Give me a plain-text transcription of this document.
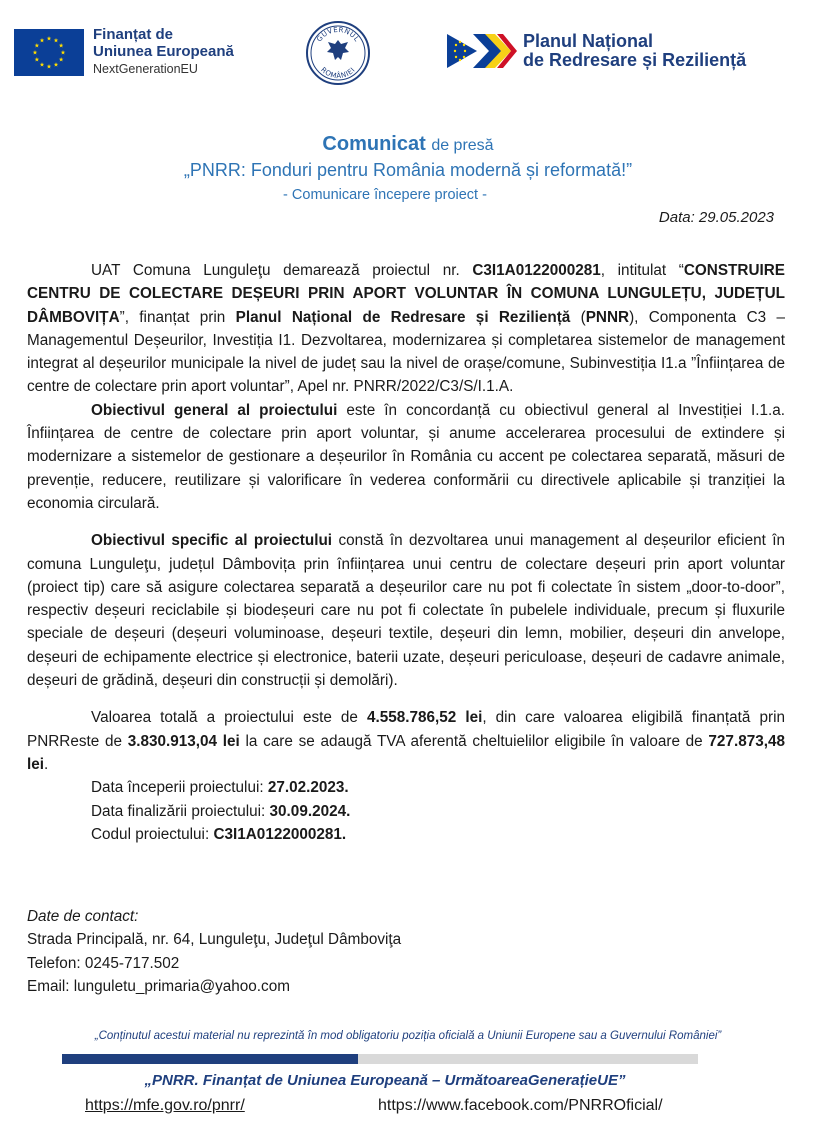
Finanțat de
Uniunea Europeană
NextGenerationEU
GUVERNUL
ROMÂNIEI
Planul Național
de Redresare și Reziliență
Comunicat de presă
„PNRR: Fonduri pentru România modernă și reformată!”
- Comunicare începere proiect -
Data: 29.05.2023

UAT Comuna Lunguleţu demarează proiectul nr. C3I1A0122000281, intitulat “CONSTRUIRE CENTRU DE COLECTARE DEȘEURI PRIN APORT VOLUNTAR ÎN COMUNA LUNGULEȚU, JUDEȚUL DÂMBOVIȚA”, finanțat prin Planul Național de Redresare și Reziliență (PNNR), Componenta C3 – Managementul Deșeurilor, Investiția I1. Dezvoltarea, modernizarea și completarea sistemelor de management integrat al deșeurilor municipale la nivel de județ sau la nivel de orașe/comune, Subinvestiția I1.a ”Înființarea de centre de colectare prin aport voluntar”, Apel nr. PNRR/2022/C3/S/I.1.A.

Obiectivul general al proiectului este în concordanță cu obiectivul general al Investiției I.1.a. Înființarea de centre de colectare prin aport voluntar, și anume accelerarea procesului de extindere și modernizare a sistemelor de gestionare a deșeurilor în România cu accent pe colectarea separată, măsuri de prevenție, reducere, reutilizare și valorificare în vederea conformării cu directivele aplicabile și tranziției la economia circulară.

Obiectivul specific al proiectului constă în dezvoltarea unui management al deșeurilor eficient în comuna Lunguleţu, județul Dâmbovița prin înființarea unui centru de colectare deșeuri prin aport voluntar (proiect tip) care să asigure colectarea separată a deșeurilor care nu pot fi colectate în sistem „door-to-door”, respectiv deșeuri reciclabile și biodeșeuri care nu pot fi colectate în pubelele individuale, precum și fluxurile speciale de deșeuri (deșeuri voluminoase, deșeuri textile, deșeuri din lemn, mobilier, deșeuri din anvelope, deșeuri de echipamente electrice și electronice, baterii uzate, deșeuri periculoase, deșeuri de cadavre animale, deșeuri de grădină, deșeuri din construcții și demolări).

Valoarea totală a proiectului este de 4.558.786,52 lei, din care valoarea eligibilă finanțată prin PNRReste de 3.830.913,04 lei la care se adaugă TVA aferentă cheltuielilor eligibile în valoare de 727.873,48 lei.

Data începerii proiectului: 27.02.2023.

Data finalizării proiectului: 30.09.2024.

Codul proiectului: C3I1A0122000281.

Date de contact:
Strada Principală, nr. 64, Lunguleţu, Judeţul Dâmboviţa
Telefon: 0245-717.502
Email: lunguletu_primaria@yahoo.com
„Conținutul acestui material nu reprezintă în mod obligatoriu poziția oficială a Uniunii Europene sau a Guvernului României”
„PNRR. Finanțat de Uniunea Europeană – UrmătoareaGenerațieUE”
https://mfe.gov.ro/pnrr/	https://www.facebook.com/PNRROficial/
